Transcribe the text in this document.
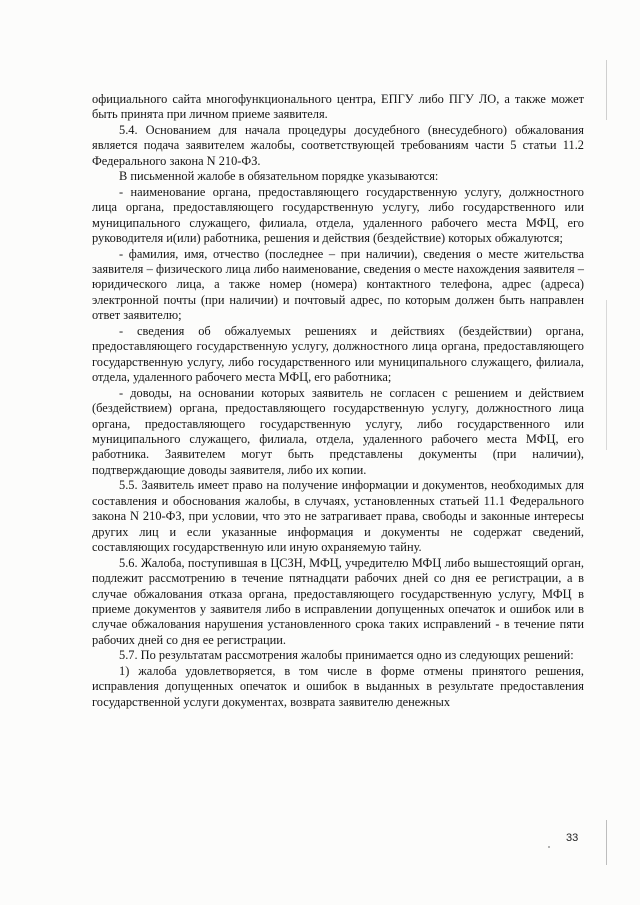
официального сайта многофункционального центра, ЕПГУ либо ПГУ ЛО, а также может быть принята при личном приеме заявителя.

5.4. Основанием для начала процедуры досудебного (внесудебного) обжалования является подача заявителем жалобы, соответствующей требованиям части 5 статьи 11.2 Федерального закона N 210-ФЗ.

В письменной жалобе в обязательном порядке указываются:

- наименование органа, предоставляющего государственную услугу, должностного лица органа, предоставляющего государственную услугу, либо государственного или муниципального служащего, филиала, отдела, удаленного рабочего места МФЦ, его руководителя и(или) работника, решения и действия (бездействие) которых обжалуются;

- фамилия, имя, отчество (последнее – при наличии), сведения о месте жительства заявителя – физического лица либо наименование, сведения о месте нахождения заявителя – юридического лица, а также номер (номера) контактного телефона, адрес (адреса) электронной почты (при наличии) и почтовый адрес, по которым должен быть направлен ответ заявителю;

- сведения об обжалуемых решениях и действиях (бездействии) органа, предоставляющего государственную услугу, должностного лица органа, предоставляющего государственную услугу, либо государственного или муниципального служащего, филиала, отдела, удаленного рабочего места МФЦ, его работника;

- доводы, на основании которых заявитель не согласен с решением и действием (бездействием) органа, предоставляющего государственную услугу, должностного лица органа, предоставляющего государственную услугу, либо государственного или муниципального служащего, филиала, отдела, удаленного рабочего места МФЦ, его работника. Заявителем могут быть представлены документы (при наличии), подтверждающие доводы заявителя, либо их копии.

5.5. Заявитель имеет право на получение информации и документов, необходимых для составления и обоснования жалобы, в случаях, установленных статьей 11.1 Федерального закона N 210-ФЗ, при условии, что это не затрагивает права, свободы и законные интересы других лиц и если указанные информация и документы не содержат сведений, составляющих государственную или иную охраняемую тайну.

5.6. Жалоба, поступившая в ЦСЗН, МФЦ, учредителю МФЦ либо вышестоящий орган, подлежит рассмотрению в течение пятнадцати рабочих дней со дня ее регистрации, а в случае обжалования отказа органа, предоставляющего государственную услугу, МФЦ в приеме документов у заявителя либо в исправлении допущенных опечаток и ошибок или в случае обжалования нарушения установленного срока таких исправлений - в течение пяти рабочих дней со дня ее регистрации.

5.7. По результатам рассмотрения жалобы принимается одно из следующих решений:

1) жалоба удовлетворяется, в том числе в форме отмены принятого решения, исправления допущенных опечаток и ошибок в выданных в результате предоставления государственной услуги документах, возврата заявителю денежных

33
